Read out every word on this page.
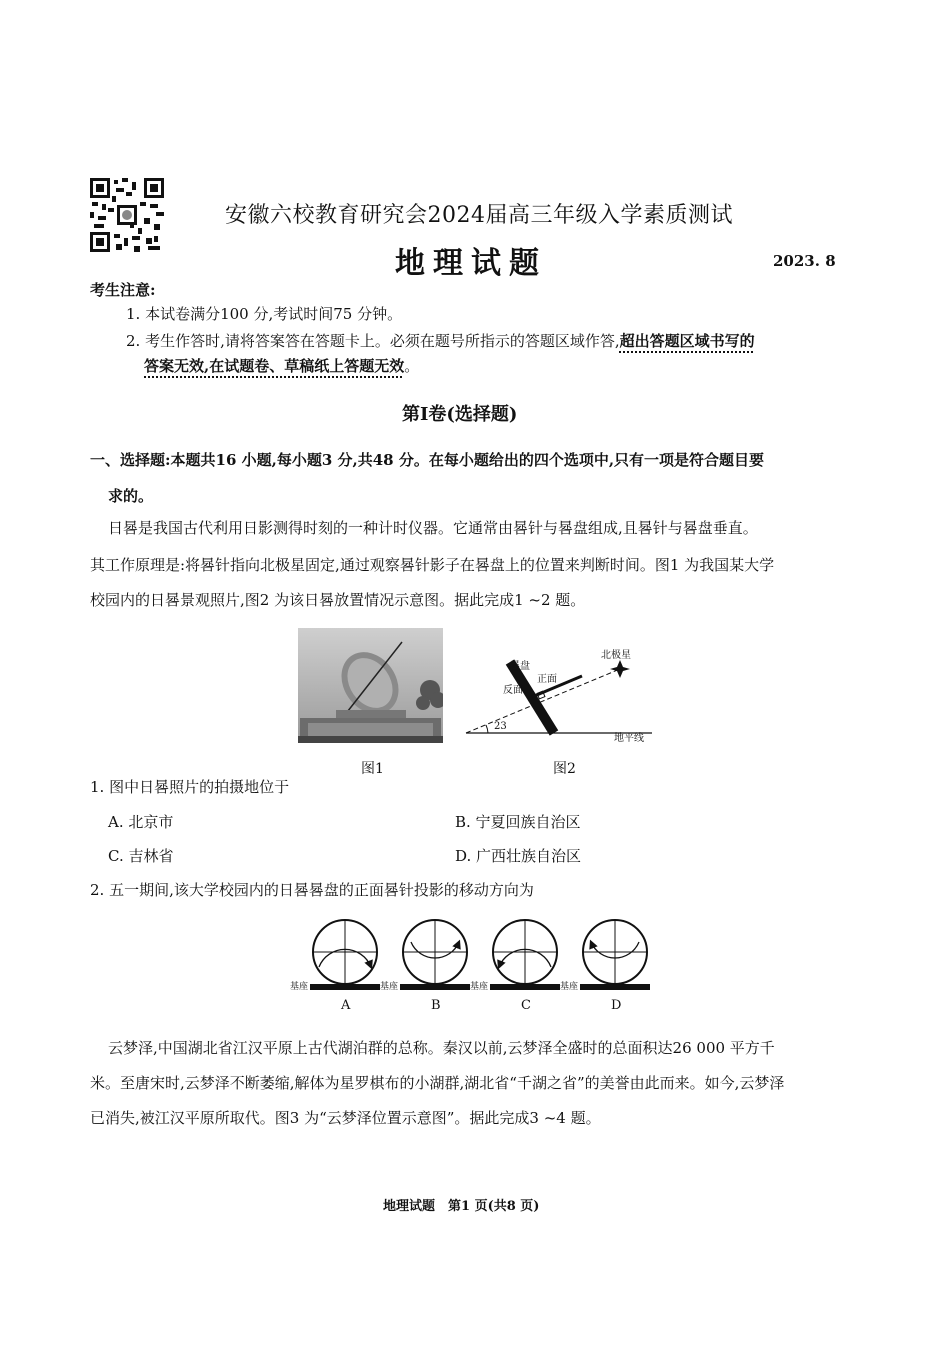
安徽六校教育研究会2024届高三年级入学素质测试
地理试题	2023. 8
考生注意:
1. 本试卷满分100 分,考试时间75 分钟。
2. 考生作答时,请将答案答在答题卡上。必须在题号所指示的答题区域作答,超出答题区域书写的
答案无效,在试题卷、草稿纸上答题无效。
第Ⅰ卷(选择题)
一、选择题:本题共16 小题,每小题3 分,共48 分。在每小题给出的四个选项中,只有一项是符合题目要
求的。
日晷是我国古代利用日影测得时刻的一种计时仪器。它通常由晷针与晷盘组成,且晷针与晷盘垂直。
其工作原理是:将晷针指向北极星固定,通过观察晷针影子在晷盘上的位置来判断时间。图1 为我国某大学
校园内的日晷景观照片,图2 为该日晷放置情况示意图。据此完成1 ~2 题。
图1
晷盘
正面
反面
北极星
23
地平线
图2
1. 图中日晷照片的拍摄地位于
A. 北京市	B. 宁夏回族自治区
C. 吉林省	D. 广西壮族自治区
2. 五一期间,该大学校园内的日晷晷盘的正面晷针投影的移动方向为
基座	基座	基座	基座
A	B	C	D
云梦泽,中国湖北省江汉平原上古代湖泊群的总称。秦汉以前,云梦泽全盛时的总面积达26 000 平方千
米。至唐宋时,云梦泽不断萎缩,解体为星罗棋布的小湖群,湖北省“千湖之省”的美誉由此而来。如今,云梦泽
已消失,被江汉平原所取代。图3 为“云梦泽位置示意图”。据此完成3 ~4 题。
地理试题　第1 页(共8 页)
